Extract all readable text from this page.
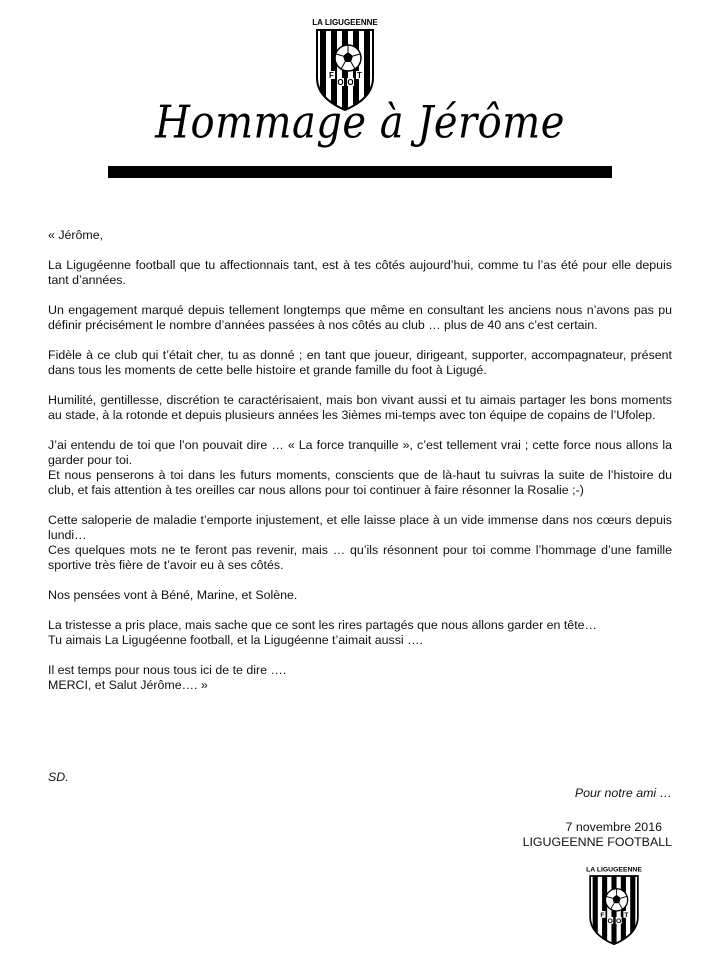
LA LIGUGEENNE
F
O O
T
Hommage à Jérôme

« Jérôme,

La Ligugéenne football que tu affectionnais tant, est à tes côtés aujourd’hui, comme tu l’as été pour elle depuis tant d’années.

Un engagement marqué depuis tellement longtemps que même en consultant les anciens nous n’avons pas pu définir précisément le nombre d’années passées à nos côtés au club … plus de 40 ans c’est certain.

Fidèle à ce club qui t’était cher, tu as donné ; en tant que joueur, dirigeant, supporter, accompagnateur, présent dans tous les moments de cette belle histoire et grande famille du foot à Ligugé.

Humilité, gentillesse, discrétion te caractérisaient, mais bon vivant aussi et tu aimais partager les bons moments au stade, à la rotonde et depuis plusieurs années les 3ièmes mi-temps avec ton équipe de copains de l’Ufolep.

J’ai entendu de toi que l’on pouvait dire … « La force tranquille », c’est tellement vrai ; cette force nous allons la garder pour toi.

Et nous penserons à toi dans les futurs moments, conscients que de là-haut tu suivras la suite de l’histoire du club, et fais attention à tes oreilles car nous allons pour toi continuer à faire résonner la Rosalie ;-)

Cette saloperie de maladie t’emporte injustement, et elle laisse place à un vide immense dans nos cœurs depuis lundi…

Ces quelques mots ne te feront pas revenir, mais … qu’ils résonnent pour toi comme l’hommage d’une famille sportive très fière de t’avoir eu à ses côtés.

Nos pensées vont à Béné, Marine, et Solène.

La tristesse a pris place, mais sache que ce sont les rires partagés que nous allons garder en tête…

Tu aimais La Ligugéenne football, et la Ligugéenne t’aimait aussi ….

Il est temps pour nous tous ici de te dire ….

MERCI, et Salut Jérôme…. »

SD.
Pour notre ami …
7 novembre 2016
LIGUGEENNE FOOTBALL
LA LIGUGEENNE
F
O O
T
